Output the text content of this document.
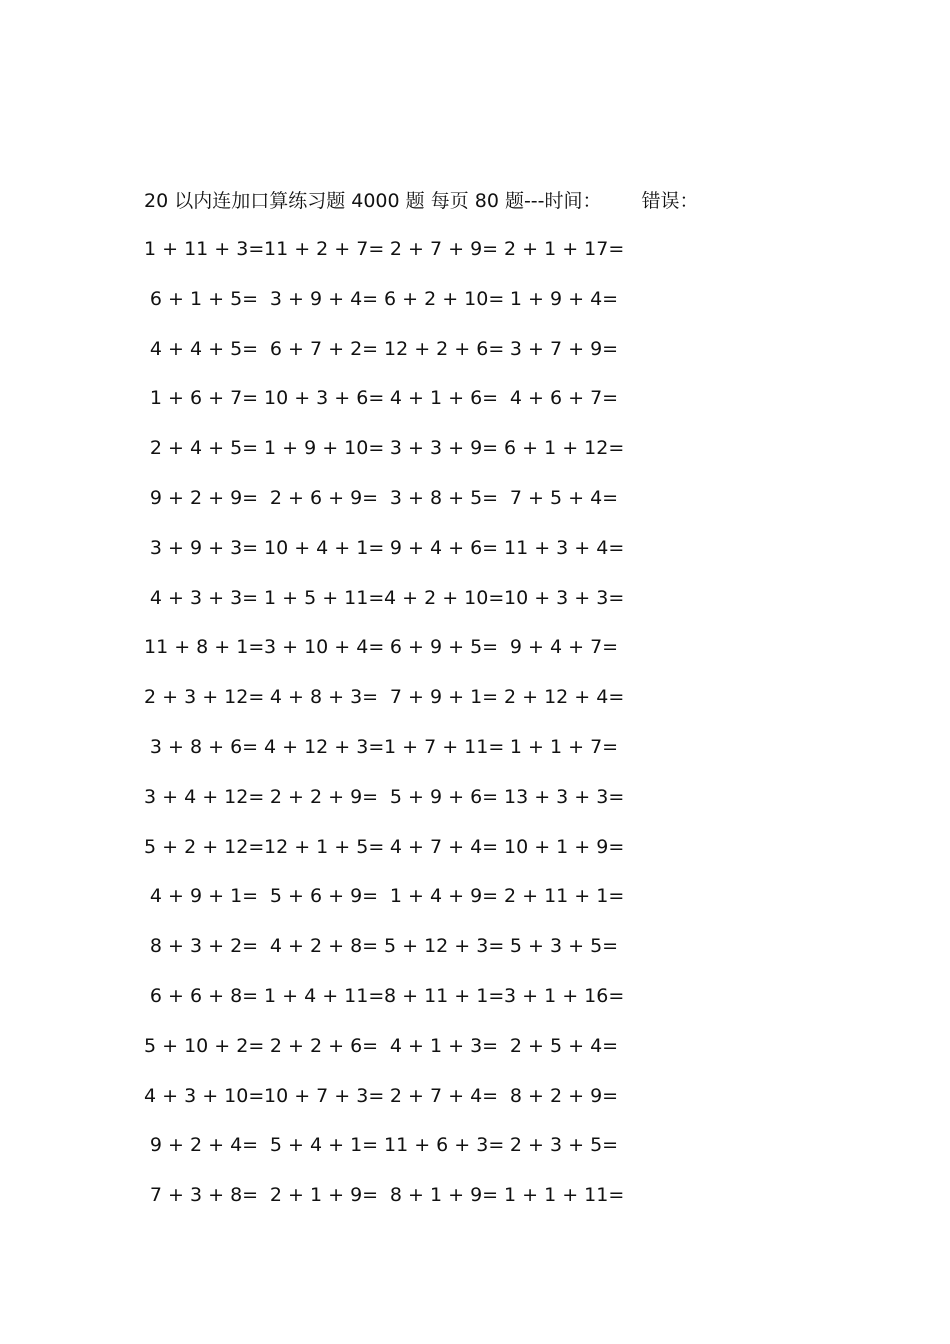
20 以内连加口算练习题 4000 题 每页 80 题---时间： 错误：
1 + 11 + 3= 11 + 2 + 7= 2 + 7 + 9= 2 + 1 + 17=
6 + 1 + 5= 3 + 9 + 4= 6 + 2 + 10= 1 + 9 + 4=
4 + 4 + 5= 6 + 7 + 2= 12 + 2 + 6= 3 + 7 + 9=
1 + 6 + 7= 10 + 3 + 6= 4 + 1 + 6= 4 + 6 + 7=
2 + 4 + 5= 1 + 9 + 10= 3 + 3 + 9= 6 + 1 + 12=
9 + 2 + 9= 2 + 6 + 9= 3 + 8 + 5= 7 + 5 + 4=
3 + 9 + 3= 10 + 4 + 1= 9 + 4 + 6= 11 + 3 + 4=
4 + 3 + 3= 1 + 5 + 11= 4 + 2 + 10= 10 + 3 + 3=
11 + 8 + 1= 3 + 10 + 4= 6 + 9 + 5= 9 + 4 + 7=
2 + 3 + 12= 4 + 8 + 3= 7 + 9 + 1= 2 + 12 + 4=
3 + 8 + 6= 4 + 12 + 3= 1 + 7 + 11= 1 + 1 + 7=
3 + 4 + 12= 2 + 2 + 9= 5 + 9 + 6= 13 + 3 + 3=
5 + 2 + 12= 12 + 1 + 5= 4 + 7 + 4= 10 + 1 + 9=
4 + 9 + 1= 5 + 6 + 9= 1 + 4 + 9= 2 + 11 + 1=
8 + 3 + 2= 4 + 2 + 8= 5 + 12 + 3= 5 + 3 + 5=
6 + 6 + 8= 1 + 4 + 11= 8 + 11 + 1= 3 + 1 + 16=
5 + 10 + 2= 2 + 2 + 6= 4 + 1 + 3= 2 + 5 + 4=
4 + 3 + 10= 10 + 7 + 3= 2 + 7 + 4= 8 + 2 + 9=
9 + 2 + 4= 5 + 4 + 1= 11 + 6 + 3= 2 + 3 + 5=
7 + 3 + 8= 2 + 1 + 9= 8 + 1 + 9= 1 + 1 + 11=
